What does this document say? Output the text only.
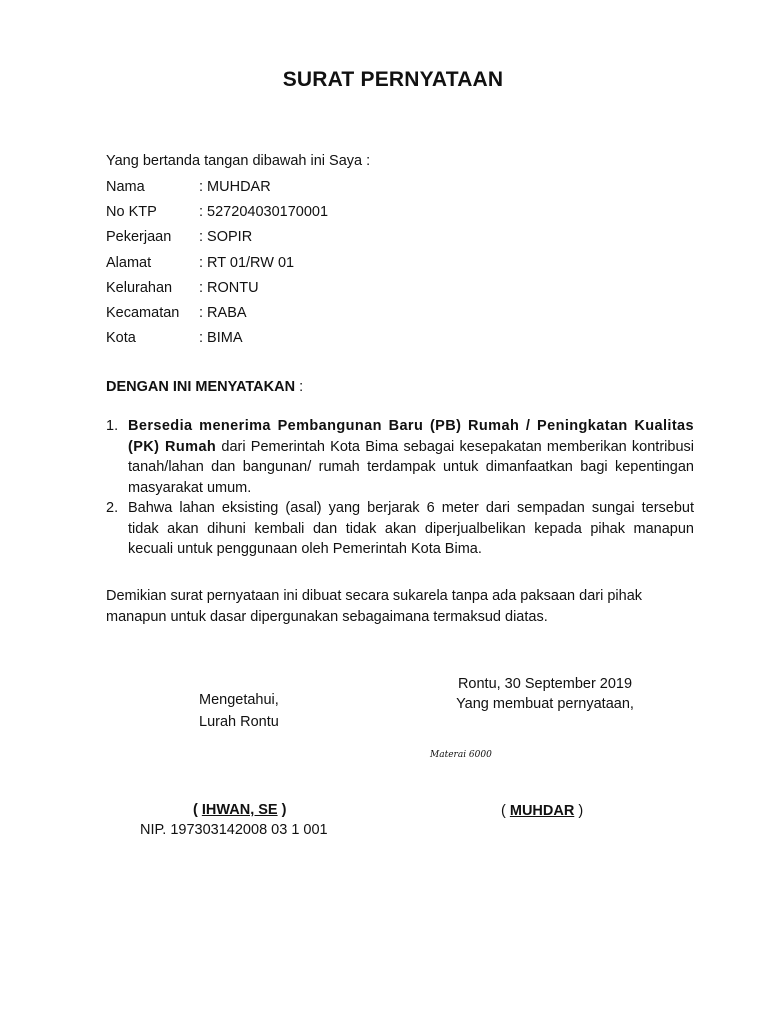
SURAT PERNYATAAN
Yang bertanda tangan dibawah ini Saya :
Nama	: MUHDAR
No KTP	: 527204030170001
Pekerjaan	: SOPIR
Alamat	: RT 01/RW 01
Kelurahan	: RONTU
Kecamatan	: RABA
Kota	: BIMA
DENGAN INI MENYATAKAN :
1. Bersedia menerima Pembangunan Baru (PB) Rumah / Peningkatan Kualitas (PK) Rumah dari Pemerintah Kota Bima sebagai kesepakatan memberikan kontribusi tanah/lahan dan bangunan/ rumah terdampak untuk dimanfaatkan bagi kepentingan masyarakat umum.
2. Bahwa lahan eksisting (asal) yang berjarak 6 meter dari sempadan sungai tersebut tidak akan dihuni kembali dan tidak akan diperjualbelikan kepada pihak manapun kecuali untuk penggunaan oleh Pemerintah Kota Bima.
Demikian surat pernyataan ini dibuat secara sukarela tanpa ada paksaan dari pihak manapun untuk dasar dipergunakan sebagaimana termaksud diatas.
Rontu, 30 September 2019
Yang membuat pernyataan,
Mengetahui,
Lurah Rontu
Materai 6000
( IHWAN, SE )
NIP. 197303142008 03 1 001
( MUHDAR )
